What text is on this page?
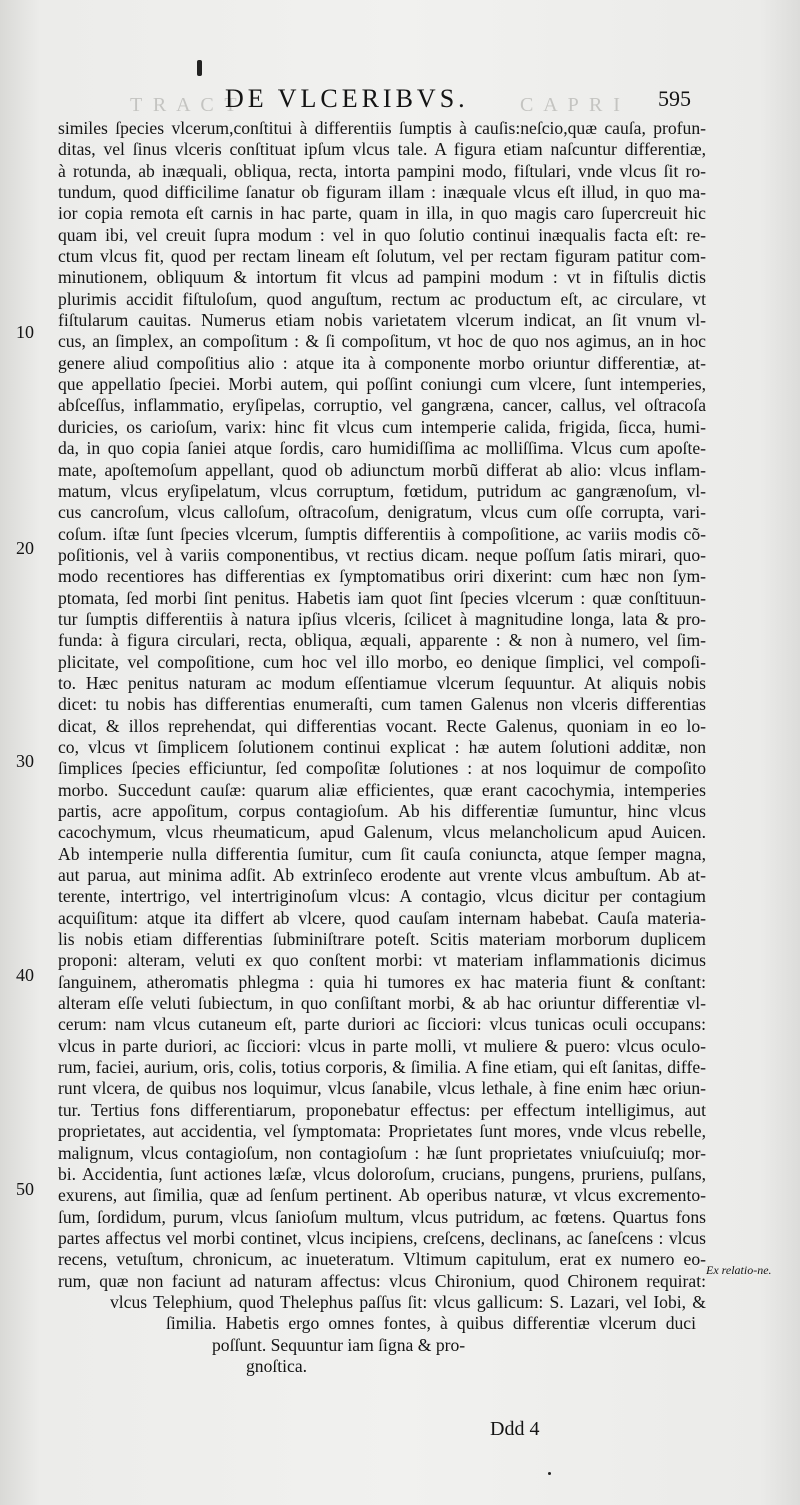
T R A C T	C A P R I
DE VLCERIBVS.	595
similes ſpecies vlcerum,conſtitui à differentiis ſumptis à cauſis:neſcio,quæ cauſa, profun-
ditas, vel ſinus vlceris conſtituat ipſum vlcus tale. A figura etiam naſcuntur differentiæ,
à rotunda, ab inæquali, obliqua, recta, intorta pampini modo, fiſtulari, vnde vlcus ſit ro-
tundum, quod difficilime ſanatur ob figuram illam : inæquale vlcus eſt illud, in quo ma-
ior copia remota eſt carnis in hac parte, quam in illa, in quo magis caro ſupercreuit hic
quam ibi, vel creuit ſupra modum : vel in quo ſolutio continui inæqualis facta eſt: re-
ctum vlcus fit, quod per rectam lineam eſt ſolutum, vel per rectam figuram patitur com-
minutionem, obliquum & intortum fit vlcus ad pampini modum : vt in fiſtulis dictis
plurimis accidit fiſtuloſum, quod anguſtum, rectum ac productum eſt, ac circulare, vt
fiſtularum cauitas. Numerus etiam nobis varietatem vlcerum indicat, an ſit vnum vl-
cus, an ſimplex, an compoſitum : & ſi compoſitum, vt hoc de quo nos agimus, an in hoc
genere aliud compoſitius alio : atque ita à componente morbo oriuntur differentiæ, at-
que appellatio ſpeciei. Morbi autem, qui poſſint coniungi cum vlcere, ſunt intemperies,
abſceſſus, inflammatio, eryſipelas, corruptio, vel gangræna, cancer, callus, vel oſtracoſa
duricies, os carioſum, varix: hinc fit vlcus cum intemperie calida, frigida, ſicca, humi-
da, in quo copia ſaniei atque ſordis, caro humidiſſima ac molliſſima. Vlcus cum apoſte-
mate, apoſtemoſum appellant, quod ob adiunctum morbũ differat ab alio: vlcus inflam-
matum, vlcus eryſipelatum, vlcus corruptum, fœtidum, putridum ac gangrænoſum, vl-
cus cancroſum, vlcus calloſum, oſtracoſum, denigratum, vlcus cum oſſe corrupta, vari-
coſum. iſtæ ſunt ſpecies vlcerum, ſumptis differentiis à compoſitione, ac variis modis cõ-
poſitionis, vel à variis componentibus, vt rectius dicam. neque poſſum ſatis mirari, quo-
modo recentiores has differentias ex ſymptomatibus oriri dixerint: cum hæc non ſym-
ptomata, ſed morbi ſint penitus. Habetis iam quot ſint ſpecies vlcerum : quæ conſtituun-
tur ſumptis differentiis à natura ipſius vlceris, ſcilicet à magnitudine longa, lata & pro-
funda: à figura circulari, recta, obliqua, æquali, apparente : & non à numero, vel ſim-
plicitate, vel compoſitione, cum hoc vel illo morbo, eo denique ſimplici, vel compoſi-
to. Hæc penitus naturam ac modum eſſentiamue vlcerum ſequuntur. At aliquis nobis
dicet: tu nobis has differentias enumeraſti, cum tamen Galenus non vlceris differentias
dicat, & illos reprehendat, qui differentias vocant. Recte Galenus, quoniam in eo lo-
co, vlcus vt ſimplicem ſolutionem continui explicat : hæ autem ſolutioni additæ, non
ſimplices ſpecies efficiuntur, ſed compoſitæ ſolutiones : at nos loquimur de compoſito
morbo. Succedunt cauſæ: quarum aliæ efficientes, quæ erant cacochymia, intemperies
partis, acre appoſitum, corpus contagioſum. Ab his differentiæ ſumuntur, hinc vlcus
cacochymum, vlcus rheumaticum, apud Galenum, vlcus melancholicum apud Auicen.
Ab intemperie nulla differentia ſumitur, cum ſit cauſa coniuncta, atque ſemper magna,
aut parua, aut minima adſit. Ab extrinſeco erodente aut vrente vlcus ambuſtum. Ab at-
terente, intertrigo, vel intertriginoſum vlcus: A contagio, vlcus dicitur per contagium
acquiſitum: atque ita differt ab vlcere, quod cauſam internam habebat. Cauſa materia-
lis nobis etiam differentias ſubminiſtrare poteſt. Scitis materiam morborum duplicem
proponi: alteram, veluti ex quo conſtent morbi: vt materiam inflammationis dicimus
ſanguinem, atheromatis phlegma : quia hi tumores ex hac materia fiunt & conſtant:
alteram eſſe veluti ſubiectum, in quo conſiſtant morbi, & ab hac oriuntur differentiæ vl-
cerum: nam vlcus cutaneum eſt, parte duriori ac ſicciori: vlcus tunicas oculi occupans:
vlcus in parte duriori, ac ſicciori: vlcus in parte molli, vt muliere & puero: vlcus oculo-
rum, faciei, aurium, oris, colis, totius corporis, & ſimilia. A fine etiam, qui eſt ſanitas, diffe-
runt vlcera, de quibus nos loquimur, vlcus ſanabile, vlcus lethale, à fine enim hæc oriun-
tur. Tertius fons differentiarum, proponebatur effectus: per effectum intelligimus, aut
proprietates, aut accidentia, vel ſymptomata: Proprietates ſunt mores, vnde vlcus rebelle,
malignum, vlcus contagioſum, non contagioſum : hæ ſunt proprietates vniuſcuiuſq; mor-
bi. Accidentia, ſunt actiones læſæ, vlcus doloroſum, crucians, pungens, pruriens, pulſans,
exurens, aut ſimilia, quæ ad ſenſum pertinent. Ab operibus naturæ, vt vlcus excremento-
ſum, ſordidum, purum, vlcus ſanioſum multum, vlcus putridum, ac fœtens. Quartus fons
partes affectus vel morbi continet, vlcus incipiens, creſcens, declinans, ac ſaneſcens : vlcus
recens, vetuſtum, chronicum, ac inueteratum. Vltimum capitulum, erat ex numero eo-
rum, quæ non faciunt ad naturam affectus: vlcus Chironium, quod Chironem requirat:
vlcus Telephium, quod Thelephus paſſus ſit: vlcus gallicum: S. Lazari, vel Iobi, &
ſimilia. Habetis ergo omnes fontes, à quibus differentiæ vlcerum duci
poſſunt. Sequuntur iam ſigna & pro-
gnoſtica.
10
20
30
40
50
Ex relatio-ne.
Ddd 4
